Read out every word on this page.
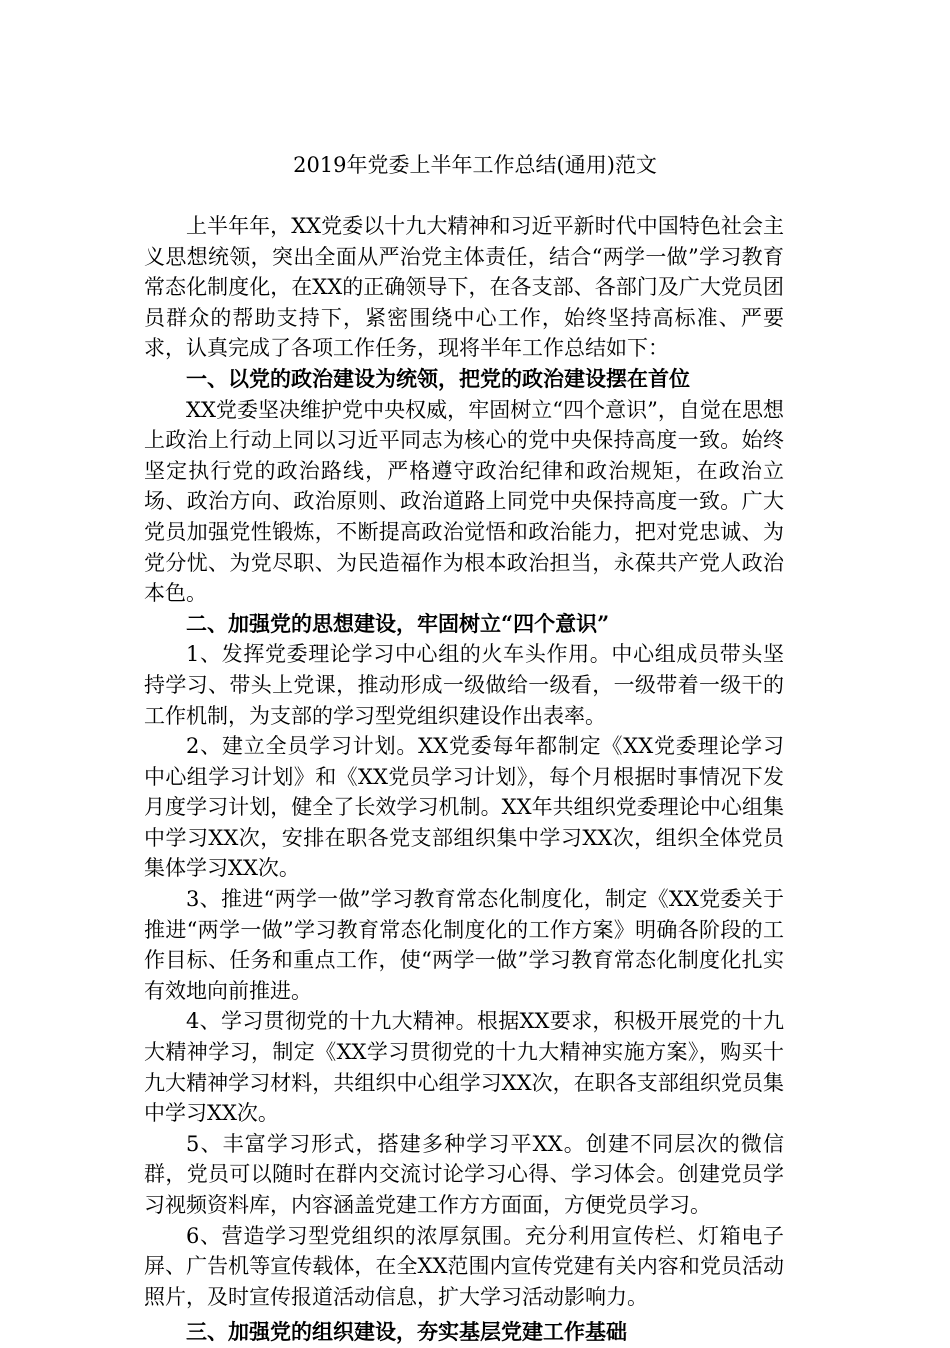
2019年党委上半年工作总结(通用)范文

上半年年，XX党委以十九大精神和习近平新时代中国特色社会主义思想统领，突出全面从严治党主体责任，结合“两学一做”学习教育常态化制度化，在XX的正确领导下，在各支部、各部门及广大党员团员群众的帮助支持下，紧密围绕中心工作，始终坚持高标准、严要求，认真完成了各项工作任务，现将半年工作总结如下：

一、以党的政治建设为统领，把党的政治建设摆在首位

XX党委坚决维护党中央权威，牢固树立“四个意识”，自觉在思想上政治上行动上同以习近平同志为核心的党中央保持高度一致。始终坚定执行党的政治路线，严格遵守政治纪律和政治规矩，在政治立场、政治方向、政治原则、政治道路上同党中央保持高度一致。广大党员加强党性锻炼，不断提高政治觉悟和政治能力，把对党忠诚、为党分忧、为党尽职、为民造福作为根本政治担当，永葆共产党人政治本色。

二、加强党的思想建设，牢固树立“四个意识”

1、发挥党委理论学习中心组的火车头作用。中心组成员带头坚持学习、带头上党课，推动形成一级做给一级看，一级带着一级干的工作机制，为支部的学习型党组织建设作出表率。

2、建立全员学习计划。XX党委每年都制定《XX党委理论学习中心组学习计划》和《XX党员学习计划》，每个月根据时事情况下发月度学习计划，健全了长效学习机制。XX年共组织党委理论中心组集中学习XX次，安排在职各党支部组织集中学习XX次，组织全体党员集体学习XX次。

3、推进“两学一做”学习教育常态化制度化，制定《XX党委关于推进“两学一做”学习教育常态化制度化的工作方案》明确各阶段的工作目标、任务和重点工作，使“两学一做”学习教育常态化制度化扎实有效地向前推进。

4、学习贯彻党的十九大精神。根据XX要求，积极开展党的十九大精神学习，制定《XX学习贯彻党的十九大精神实施方案》，购买十九大精神学习材料，共组织中心组学习XX次，在职各支部组织党员集中学习XX次。

5、丰富学习形式，搭建多种学习平XX。创建不同层次的微信群，党员可以随时在群内交流讨论学习心得、学习体会。创建党员学习视频资料库，内容涵盖党建工作方方面面，方便党员学习。

6、营造学习型党组织的浓厚氛围。充分利用宣传栏、灯箱电子屏、广告机等宣传载体，在全XX范围内宣传党建有关内容和党员活动照片，及时宣传报道活动信息，扩大学习活动影响力。

三、加强党的组织建设，夯实基层党建工作基础
